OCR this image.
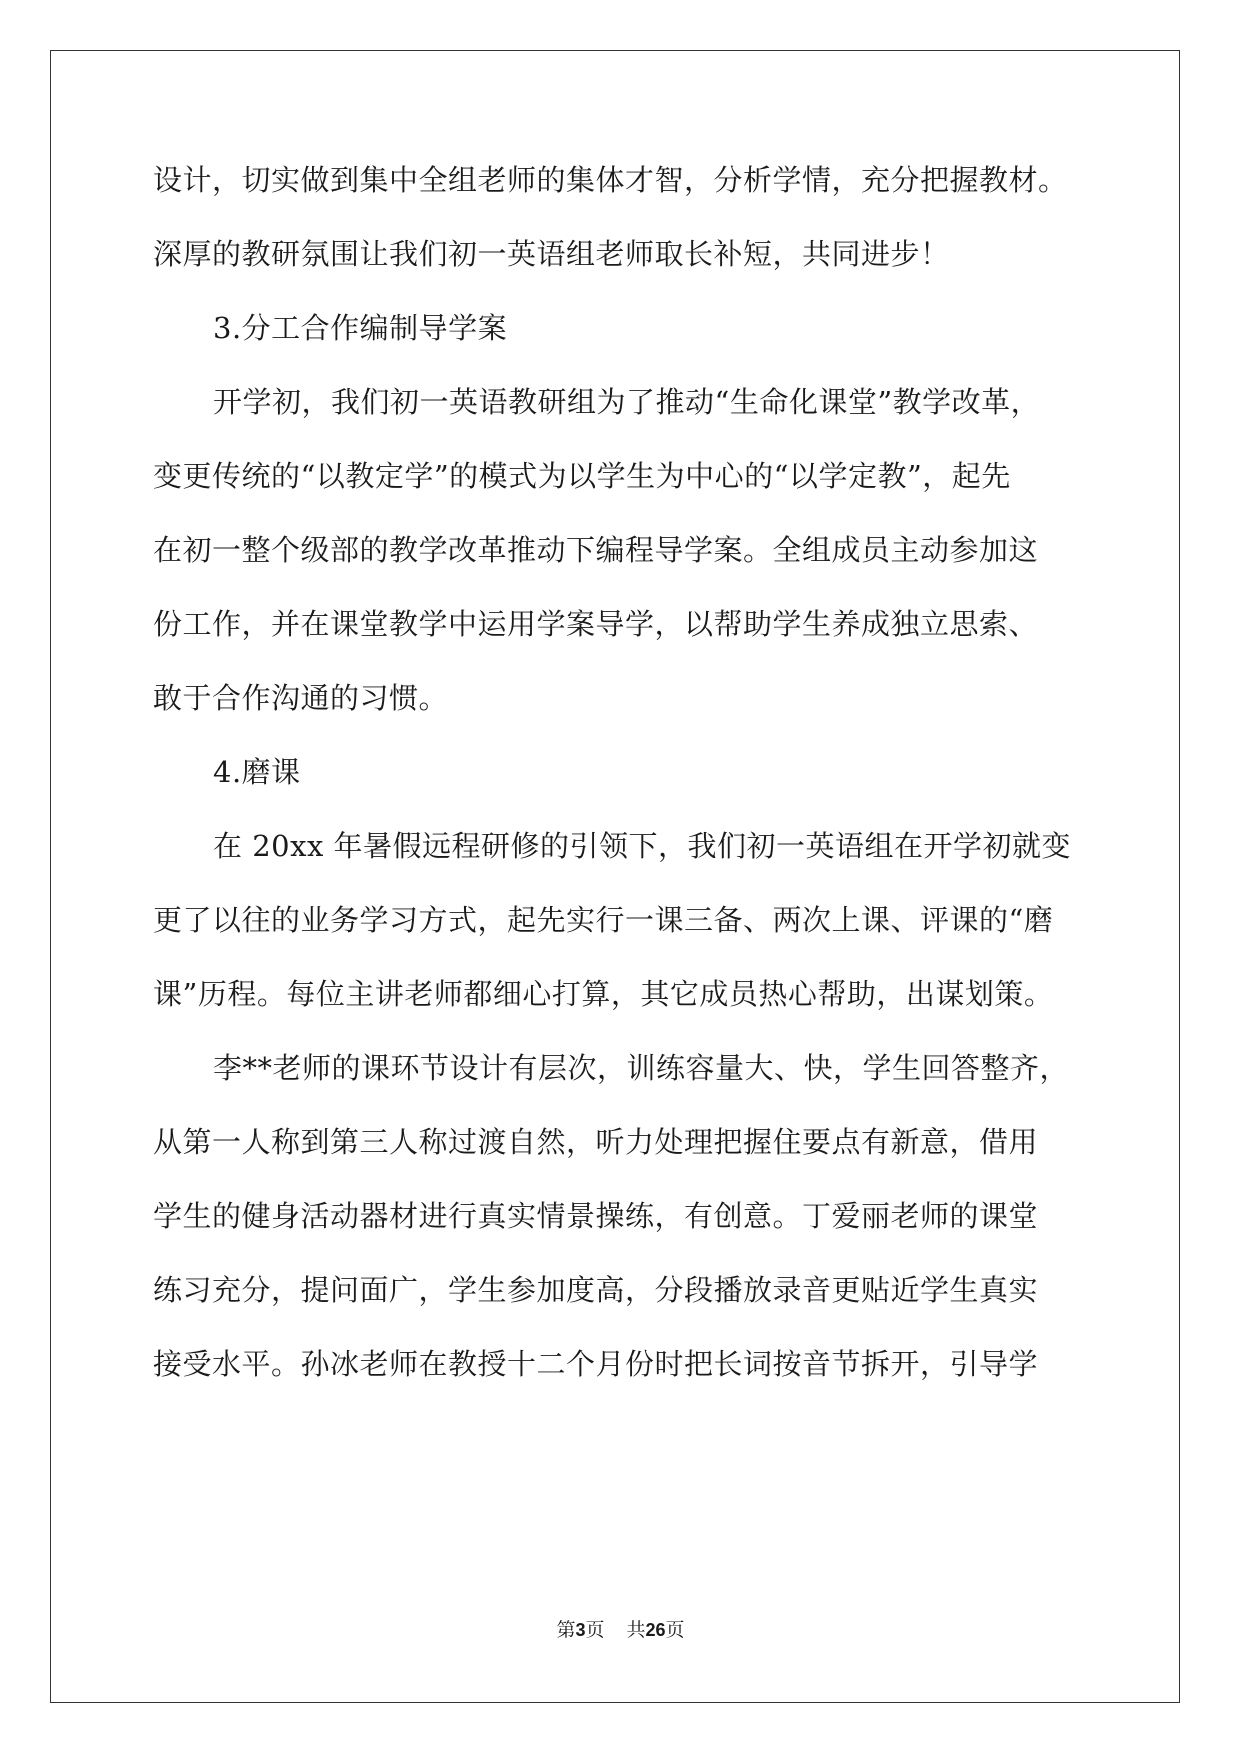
设计，切实做到集中全组老师的集体才智，分析学情，充分把握教材。
深厚的教研氛围让我们初一英语组老师取长补短，共同进步！
3.分工合作编制导学案
开学初，我们初一英语教研组为了推动“生命化课堂”教学改革，
变更传统的“以教定学”的模式为以学生为中心的“以学定教”，起先
在初一整个级部的教学改革推动下编程导学案。全组成员主动参加这
份工作，并在课堂教学中运用学案导学，以帮助学生养成独立思索、
敢于合作沟通的习惯。
4.磨课
在 20xx 年暑假远程研修的引领下，我们初一英语组在开学初就变
更了以往的业务学习方式，起先实行一课三备、两次上课、评课的“磨
课”历程。每位主讲老师都细心打算，其它成员热心帮助，出谋划策。
李**老师的课环节设计有层次，训练容量大、快，学生回答整齐，
从第一人称到第三人称过渡自然，听力处理把握住要点有新意，借用
学生的健身活动器材进行真实情景操练，有创意。丁爱丽老师的课堂
练习充分，提问面广，学生参加度高，分段播放录音更贴近学生真实
接受水平。孙冰老师在教授十二个月份时把长词按音节拆开，引导学
第3页 共26页
